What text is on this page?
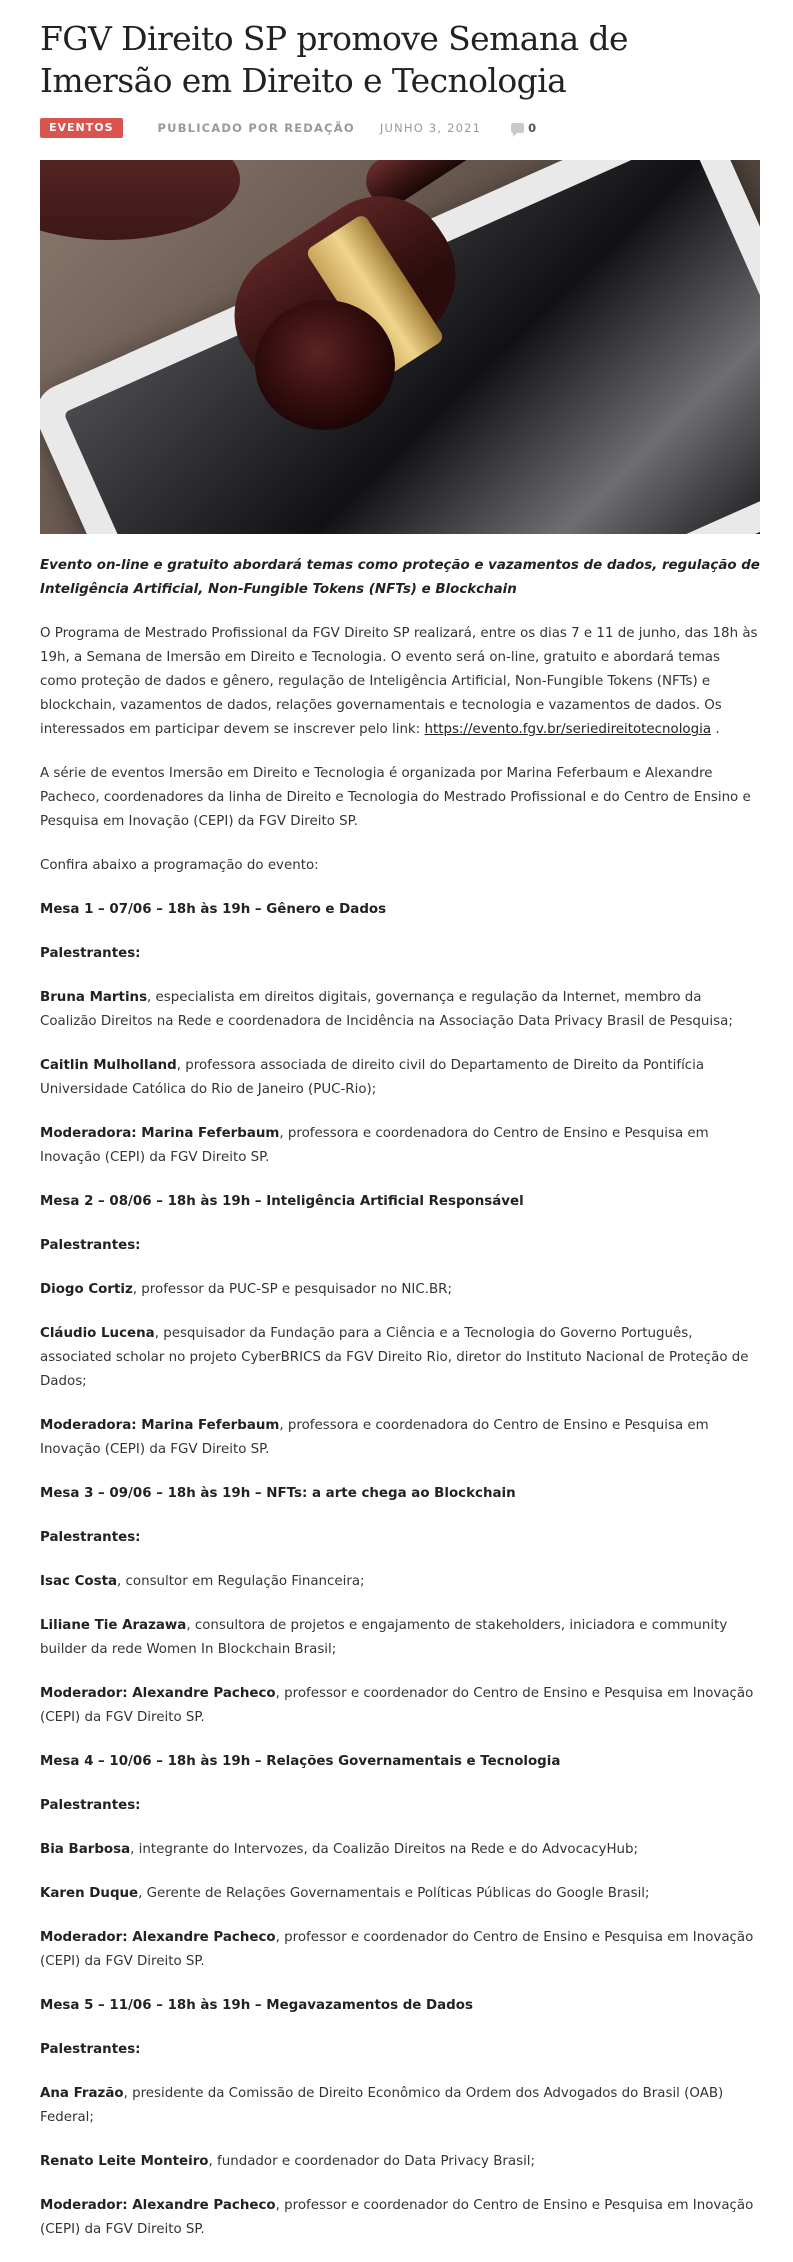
FGV Direito SP promove Semana de Imersão em Direito e Tecnologia
EVENTOS	PUBLICADO POR REDAÇÃO JUNHO 3, 2021	0

Evento on-line e gratuito abordará temas como proteção e vazamentos de dados, regulação de Inteligência Artificial, Non-Fungible Tokens (NFTs) e Blockchain

O Programa de Mestrado Profissional da FGV Direito SP realizará, entre os dias 7 e 11 de junho, das 18h às 19h, a Semana de Imersão em Direito e Tecnologia. O evento será on-line, gratuito e abordará temas como proteção de dados e gênero, regulação de Inteligência Artificial, Non-Fungible Tokens (NFTs) e blockchain, vazamentos de dados, relações governamentais e tecnologia e vazamentos de dados. Os interessados em participar devem se inscrever pelo link: https://evento.fgv.br/seriedireitotecnologia .

A série de eventos Imersão em Direito e Tecnologia é organizada por Marina Feferbaum e Alexandre Pacheco, coordenadores da linha de Direito e Tecnologia do Mestrado Profissional e do Centro de Ensino e Pesquisa em Inovação (CEPI) da FGV Direito SP.

Confira abaixo a programação do evento:

Mesa 1 – 07/06 – 18h às 19h – Gênero e Dados

Palestrantes:

Bruna Martins, especialista em direitos digitais, governança e regulação da Internet, membro da Coalizão Direitos na Rede e coordenadora de Incidência na Associação Data Privacy Brasil de Pesquisa;

Caitlin Mulholland, professora associada de direito civil do Departamento de Direito da Pontifícia Universidade Católica do Rio de Janeiro (PUC-Rio);

Moderadora: Marina Feferbaum, professora e coordenadora do Centro de Ensino e Pesquisa em Inovação (CEPI) da FGV Direito SP.

Mesa 2 – 08/06 – 18h às 19h – Inteligência Artificial Responsável

Palestrantes:

Diogo Cortiz, professor da PUC-SP e pesquisador no NIC.BR;

Cláudio Lucena, pesquisador da Fundação para a Ciência e a Tecnologia do Governo Português, associated scholar no projeto CyberBRICS da FGV Direito Rio, diretor do Instituto Nacional de Proteção de Dados;

Moderadora: Marina Feferbaum, professora e coordenadora do Centro de Ensino e Pesquisa em Inovação (CEPI) da FGV Direito SP.

Mesa 3 – 09/06 – 18h às 19h – NFTs: a arte chega ao Blockchain

Palestrantes:

Isac Costa, consultor em Regulação Financeira;

Liliane Tie Arazawa, consultora de projetos e engajamento de stakeholders, iniciadora e community builder da rede Women In Blockchain Brasil;

Moderador: Alexandre Pacheco, professor e coordenador do Centro de Ensino e Pesquisa em Inovação (CEPI) da FGV Direito SP.

Mesa 4 – 10/06 – 18h às 19h – Relações Governamentais e Tecnologia

Palestrantes:

Bia Barbosa, integrante do Intervozes, da Coalizão Direitos na Rede e do AdvocacyHub;

Karen Duque, Gerente de Relações Governamentais e Políticas Públicas do Google Brasil;

Moderador: Alexandre Pacheco, professor e coordenador do Centro de Ensino e Pesquisa em Inovação (CEPI) da FGV Direito SP.

Mesa 5 – 11/06 – 18h às 19h – Megavazamentos de Dados

Palestrantes:

Ana Frazão, presidente da Comissão de Direito Econômico da Ordem dos Advogados do Brasil (OAB) Federal;

Renato Leite Monteiro, fundador e coordenador do Data Privacy Brasil;

Moderador: Alexandre Pacheco, professor e coordenador do Centro de Ensino e Pesquisa em Inovação (CEPI) da FGV Direito SP.
